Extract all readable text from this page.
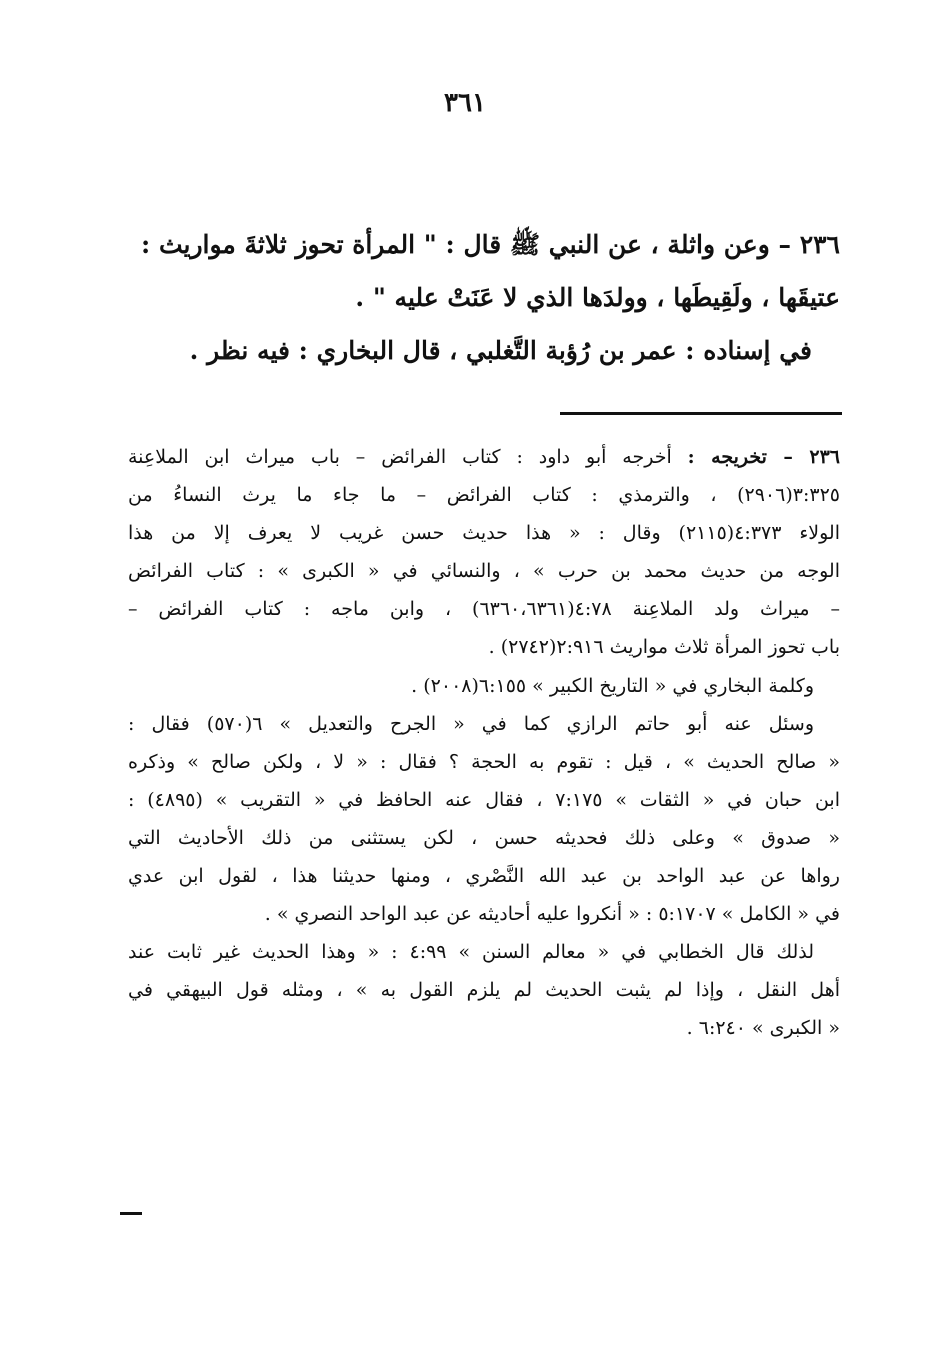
٣٦١
٢٣٦ – وعن واثلة ، عن النبي ﷺ قال : " المرأة تحوز ثلاثةَ مواريث :
عتيقَها ، ولَقِيطَها ، وولدَها الذي لا عَنَتْ عليه " .
في إسناده : عمر بن رُؤبة التَّغلبي ، قال البخاري : فيه نظر .
٢٣٦ – تخريجه : أخرجه أبو داود : كتاب الفرائض – باب ميراث ابن الملاعِنة
٣:٣٢٥(٢٩٠٦) ، والترمذي : كتاب الفرائض – ما جاء ما يرث النساءُ من
الولاء ٤:٣٧٣(٢١١٥) وقال : « هذا حديث حسن غريب لا يعرف إلا من هذا
الوجه من حديث محمد بن حرب » ، والنسائي في « الكبرى » : كتاب الفرائض
– ميراث ولد الملاعِنة ٤:٧٨(٦٣٦٠،٦٣٦١) ، وابن ماجه : كتاب الفرائض –
باب تحوز المرأة ثلاث مواريث ٢:٩١٦(٢٧٤٢) .
وكلمة البخاري في « التاريخ الكبير » ٦:١٥٥(٢٠٠٨) .
وسئل عنه أبو حاتم الرازي كما في « الجرح والتعديل » ٦(٥٧٠) فقال :
« صالح الحديث » ، قيل : تقوم به الحجة ؟ فقال : « لا ، ولكن صالح » وذكره
ابن حبان في « الثقات » ٧:١٧٥ ، فقال عنه الحافظ في « التقريب » (٤٨٩٥) :
« صدوق » وعلى ذلك فحديثه حسن ، لكن يستثنى من ذلك الأحاديث التي
رواها عن عبد الواحد بن عبد الله النَّصْري ، ومنها حديثنا هذا ، لقول ابن عدي
في « الكامل » ٥:١٧٠٧ : « أنكروا عليه أحاديثه عن عبد الواحد النصري » .
لذلك قال الخطابي في « معالم السنن » ٤:٩٩ : « وهذا الحديث غير ثابت عند
أهل النقل ، وإذا لم يثبت الحديث لم يلزم القول به » ، ومثله قول البيهقي في
« الكبرى » ٦:٢٤٠ .
